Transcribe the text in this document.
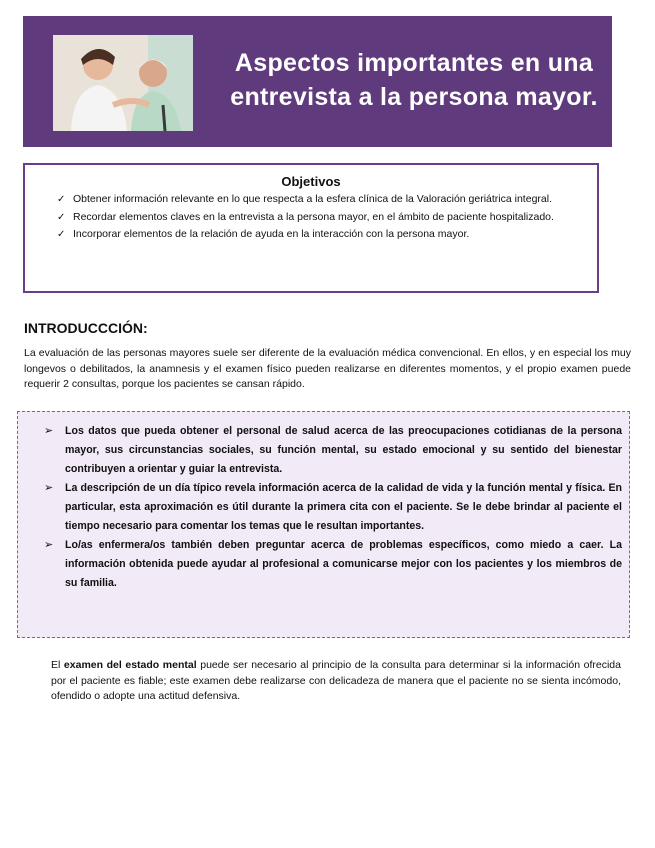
Aspectos importantes en una
entrevista a la persona mayor.
Objetivos
✓ Obtener información relevante en lo que respecta a la esfera clínica de la Valoración geriátrica integral.
✓ Recordar elementos claves en la entrevista a la persona mayor, en el ámbito de paciente hospitalizado.
✓ Incorporar elementos de la relación de ayuda en la interacción con la persona mayor.
INTRODUCCCIÓN:
La evaluación de las personas mayores suele ser diferente de la evaluación médica convencional. En ellos, y en especial los muy longevos o debilitados, la anamnesis y el examen físico pueden realizarse en diferentes momentos, y el propio examen puede requerir 2 consultas, porque los pacientes se cansan rápido.
➢ Los datos que pueda obtener el personal de salud acerca de las preocupaciones cotidianas de la persona mayor, sus circunstancias sociales, su función mental, su estado emocional y su sentido del bienestar contribuyen a orientar y guiar la entrevista.
➢ La descripción de un día típico revela información acerca de la calidad de vida y la función mental y física. En particular, esta aproximación es útil durante la primera cita con el paciente. Se le debe brindar al paciente el tiempo necesario para comentar los temas que le resultan importantes.
➢ Lo/as enfermera/os también deben preguntar acerca de problemas específicos, como miedo a caer. La información obtenida puede ayudar al profesional a comunicarse mejor con los pacientes y los miembros de su familia.
El examen del estado mental puede ser necesario al principio de la consulta para determinar si la información ofrecida por el paciente es fiable; este examen debe realizarse con delicadeza de manera que el paciente no se sienta incómodo, ofendido o adopte una actitud defensiva.
